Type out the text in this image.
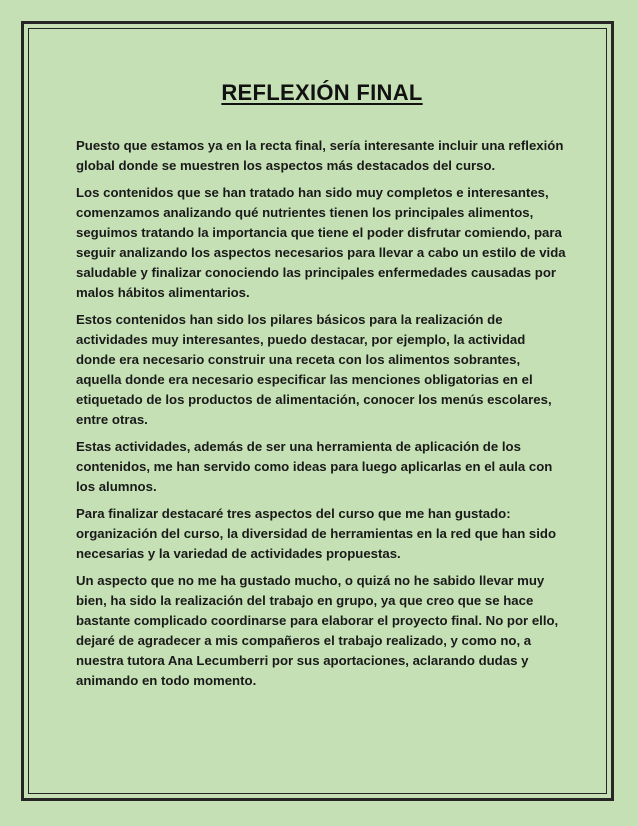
REFLEXIÓN FINAL

Puesto que estamos ya en la recta final, sería interesante incluir una reflexión global donde se muestren los aspectos más destacados del curso.

Los contenidos que se han tratado han sido muy completos e interesantes, comenzamos analizando qué nutrientes tienen los principales alimentos, seguimos tratando la importancia que tiene el poder disfrutar comiendo, para seguir analizando los aspectos necesarios para llevar a cabo un estilo de vida saludable y finalizar conociendo las principales enfermedades causadas por malos hábitos alimentarios.

Estos contenidos han sido los pilares básicos para la realización de actividades muy interesantes, puedo destacar, por ejemplo, la actividad donde era necesario construir una receta con los alimentos sobrantes, aquella donde era necesario especificar las menciones obligatorias en el etiquetado de los productos de alimentación, conocer los menús escolares, entre otras.

Estas actividades, además de ser una herramienta de aplicación de los contenidos, me han servido como ideas para luego aplicarlas en el aula con los alumnos.

Para finalizar destacaré tres aspectos del curso que me han gustado: organización del curso, la diversidad de herramientas en la red que han sido necesarias y la variedad de actividades propuestas.

Un aspecto que no me ha gustado mucho, o quizá no he sabido llevar muy bien, ha sido la realización del trabajo en grupo, ya que creo que se hace bastante complicado coordinarse para elaborar el proyecto final. No por ello, dejaré de agradecer a mis compañeros el trabajo realizado, y como no, a nuestra tutora Ana Lecumberri por sus aportaciones, aclarando dudas y animando en todo momento.
